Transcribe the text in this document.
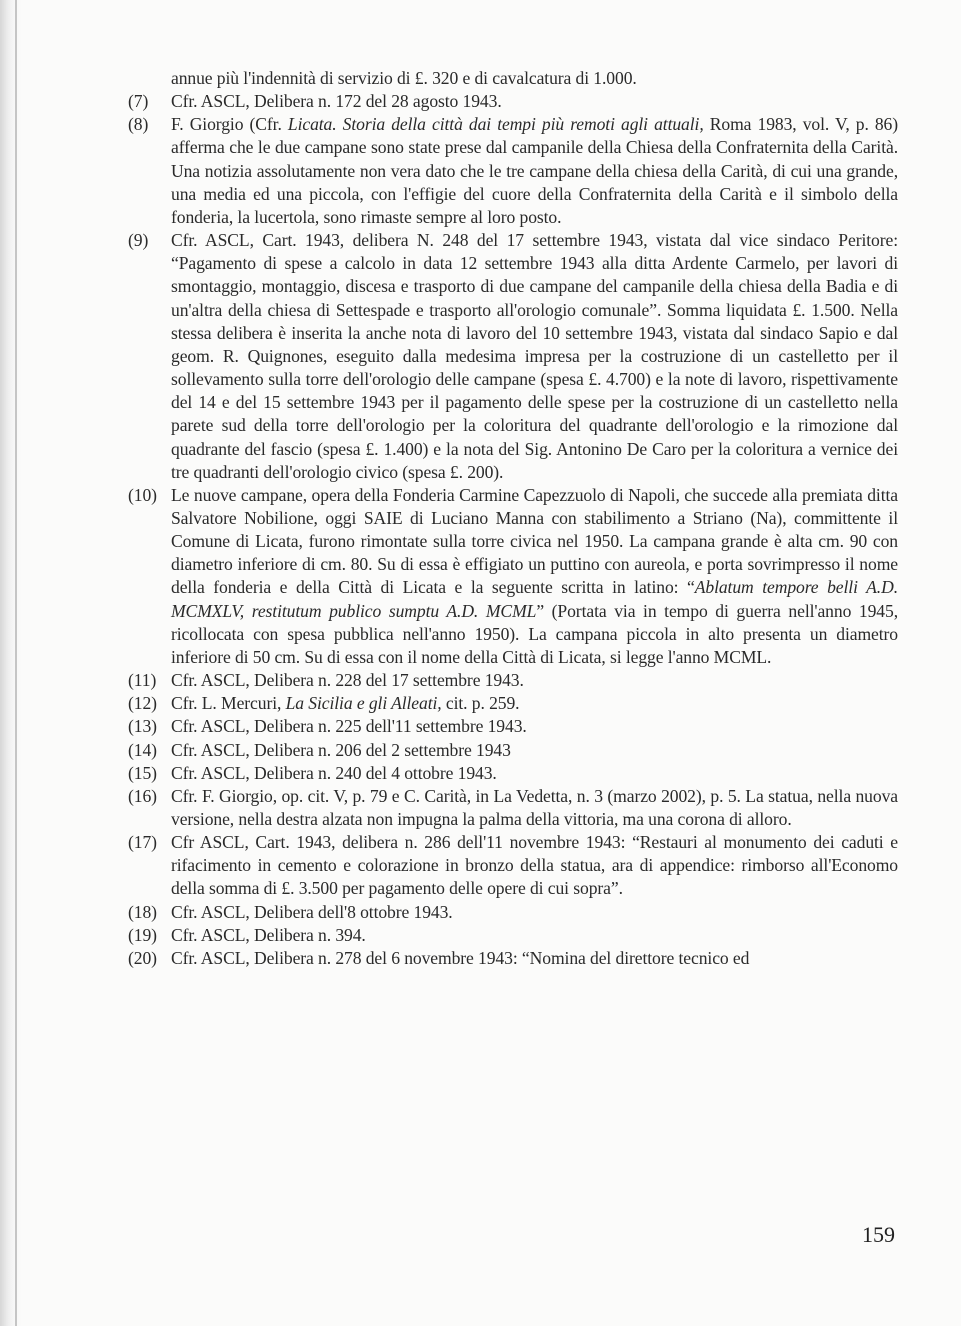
annue più l'indennità di servizio di £. 320 e di cavalcatura di 1.000.

(7)	Cfr. ASCL, Delibera n. 172 del 28 agosto 1943.
(8)	F. Giorgio (Cfr. Licata. Storia della città dai tempi più remoti agli attuali, Roma 1983, vol. V, p. 86) afferma che le due campane sono state prese dal campanile della Chiesa della Confraternita della Carità. Una notizia assolutamente non vera dato che le tre campane della chiesa della Carità, di cui una grande, una media ed una piccola, con l'effigie del cuore della Confraternita della Carità e il simbolo della fonderia, la lucertola, sono rimaste sempre al loro posto.
(9)	Cfr. ASCL, Cart. 1943, delibera N. 248 del 17 settembre 1943, vistata dal vice sindaco Peritore: “Pagamento di spese a calcolo in data 12 settembre 1943 alla ditta Ardente Carmelo, per lavori di smontaggio, montaggio, discesa e trasporto di due campane del campanile della chiesa della Badia e di un'altra della chiesa di Settespade e trasporto all'orologio comunale”. Somma liquidata £. 1.500. Nella stessa delibera è inserita la anche nota di lavoro del 10 settembre 1943, vistata dal sindaco Sapio e dal geom. R. Quignones, eseguito dalla medesima impresa per la costruzione di un castelletto per il sollevamento sulla torre dell'orologio delle campane (spesa £. 4.700) e la note di lavoro, rispettivamente del 14 e del 15 settembre 1943 per il pagamento delle spese per la costruzione di un castelletto nella parete sud della torre dell'orologio per la coloritura del quadrante dell'orologio e la rimozione dal quadrante del fascio (spesa £. 1.400) e la nota del Sig. Antonino De Caro per la coloritura a vernice dei tre quadranti dell'orologio civico (spesa £. 200).
(10) Le nuove campane, opera della Fonderia Carmine Capezzuolo di Napoli, che succede alla premiata ditta Salvatore Nobilione, oggi SAIE di Luciano Manna con stabilimento a Striano (Na), committente il Comune di Licata, furono rimontate sulla torre civica nel 1950. La campana grande è alta cm. 90 con diametro inferiore di cm. 80. Su di essa è effigiato un puttino con aureola, e porta sovrimpresso il nome della fonderia e della Città di Licata e la seguente scritta in latino: “Ablatum tempore belli A.D. MCMXLV, restitutum publico sumptu A.D. MCML” (Portata via in tempo di guerra nell'anno 1945, ricollocata con spesa pubblica nell'anno 1950). La campana piccola in alto presenta un diametro inferiore di 50 cm. Su di essa con il nome della Città di Licata, si legge l'anno MCML.
(11) Cfr. ASCL, Delibera n. 228 del 17 settembre 1943.
(12) Cfr. L. Mercuri, La Sicilia e gli Alleati, cit. p. 259.
(13) Cfr. ASCL, Delibera n. 225 dell'11 settembre 1943.
(14) Cfr. ASCL, Delibera n. 206 del 2 settembre 1943
(15) Cfr. ASCL, Delibera n. 240 del 4 ottobre 1943.
(16) Cfr. F. Giorgio, op. cit. V, p. 79 e C. Carità, in La Vedetta, n. 3 (marzo 2002), p. 5. La statua, nella nuova versione, nella destra alzata non impugna la palma della vittoria, ma una corona di alloro.
(17) Cfr ASCL, Cart. 1943, delibera n. 286 dell'11 novembre 1943: “Restauri al monumento dei caduti e rifacimento in cemento e colorazione in bronzo della statua, ara di appendice: rimborso all'Economo della somma di £. 3.500 per pagamento delle opere di cui sopra”.
(18) Cfr. ASCL, Delibera dell'8 ottobre 1943.
(19) Cfr. ASCL, Delibera n. 394.
(20) Cfr. ASCL, Delibera n. 278 del 6 novembre 1943: “Nomina del direttore tecnico ed
159
